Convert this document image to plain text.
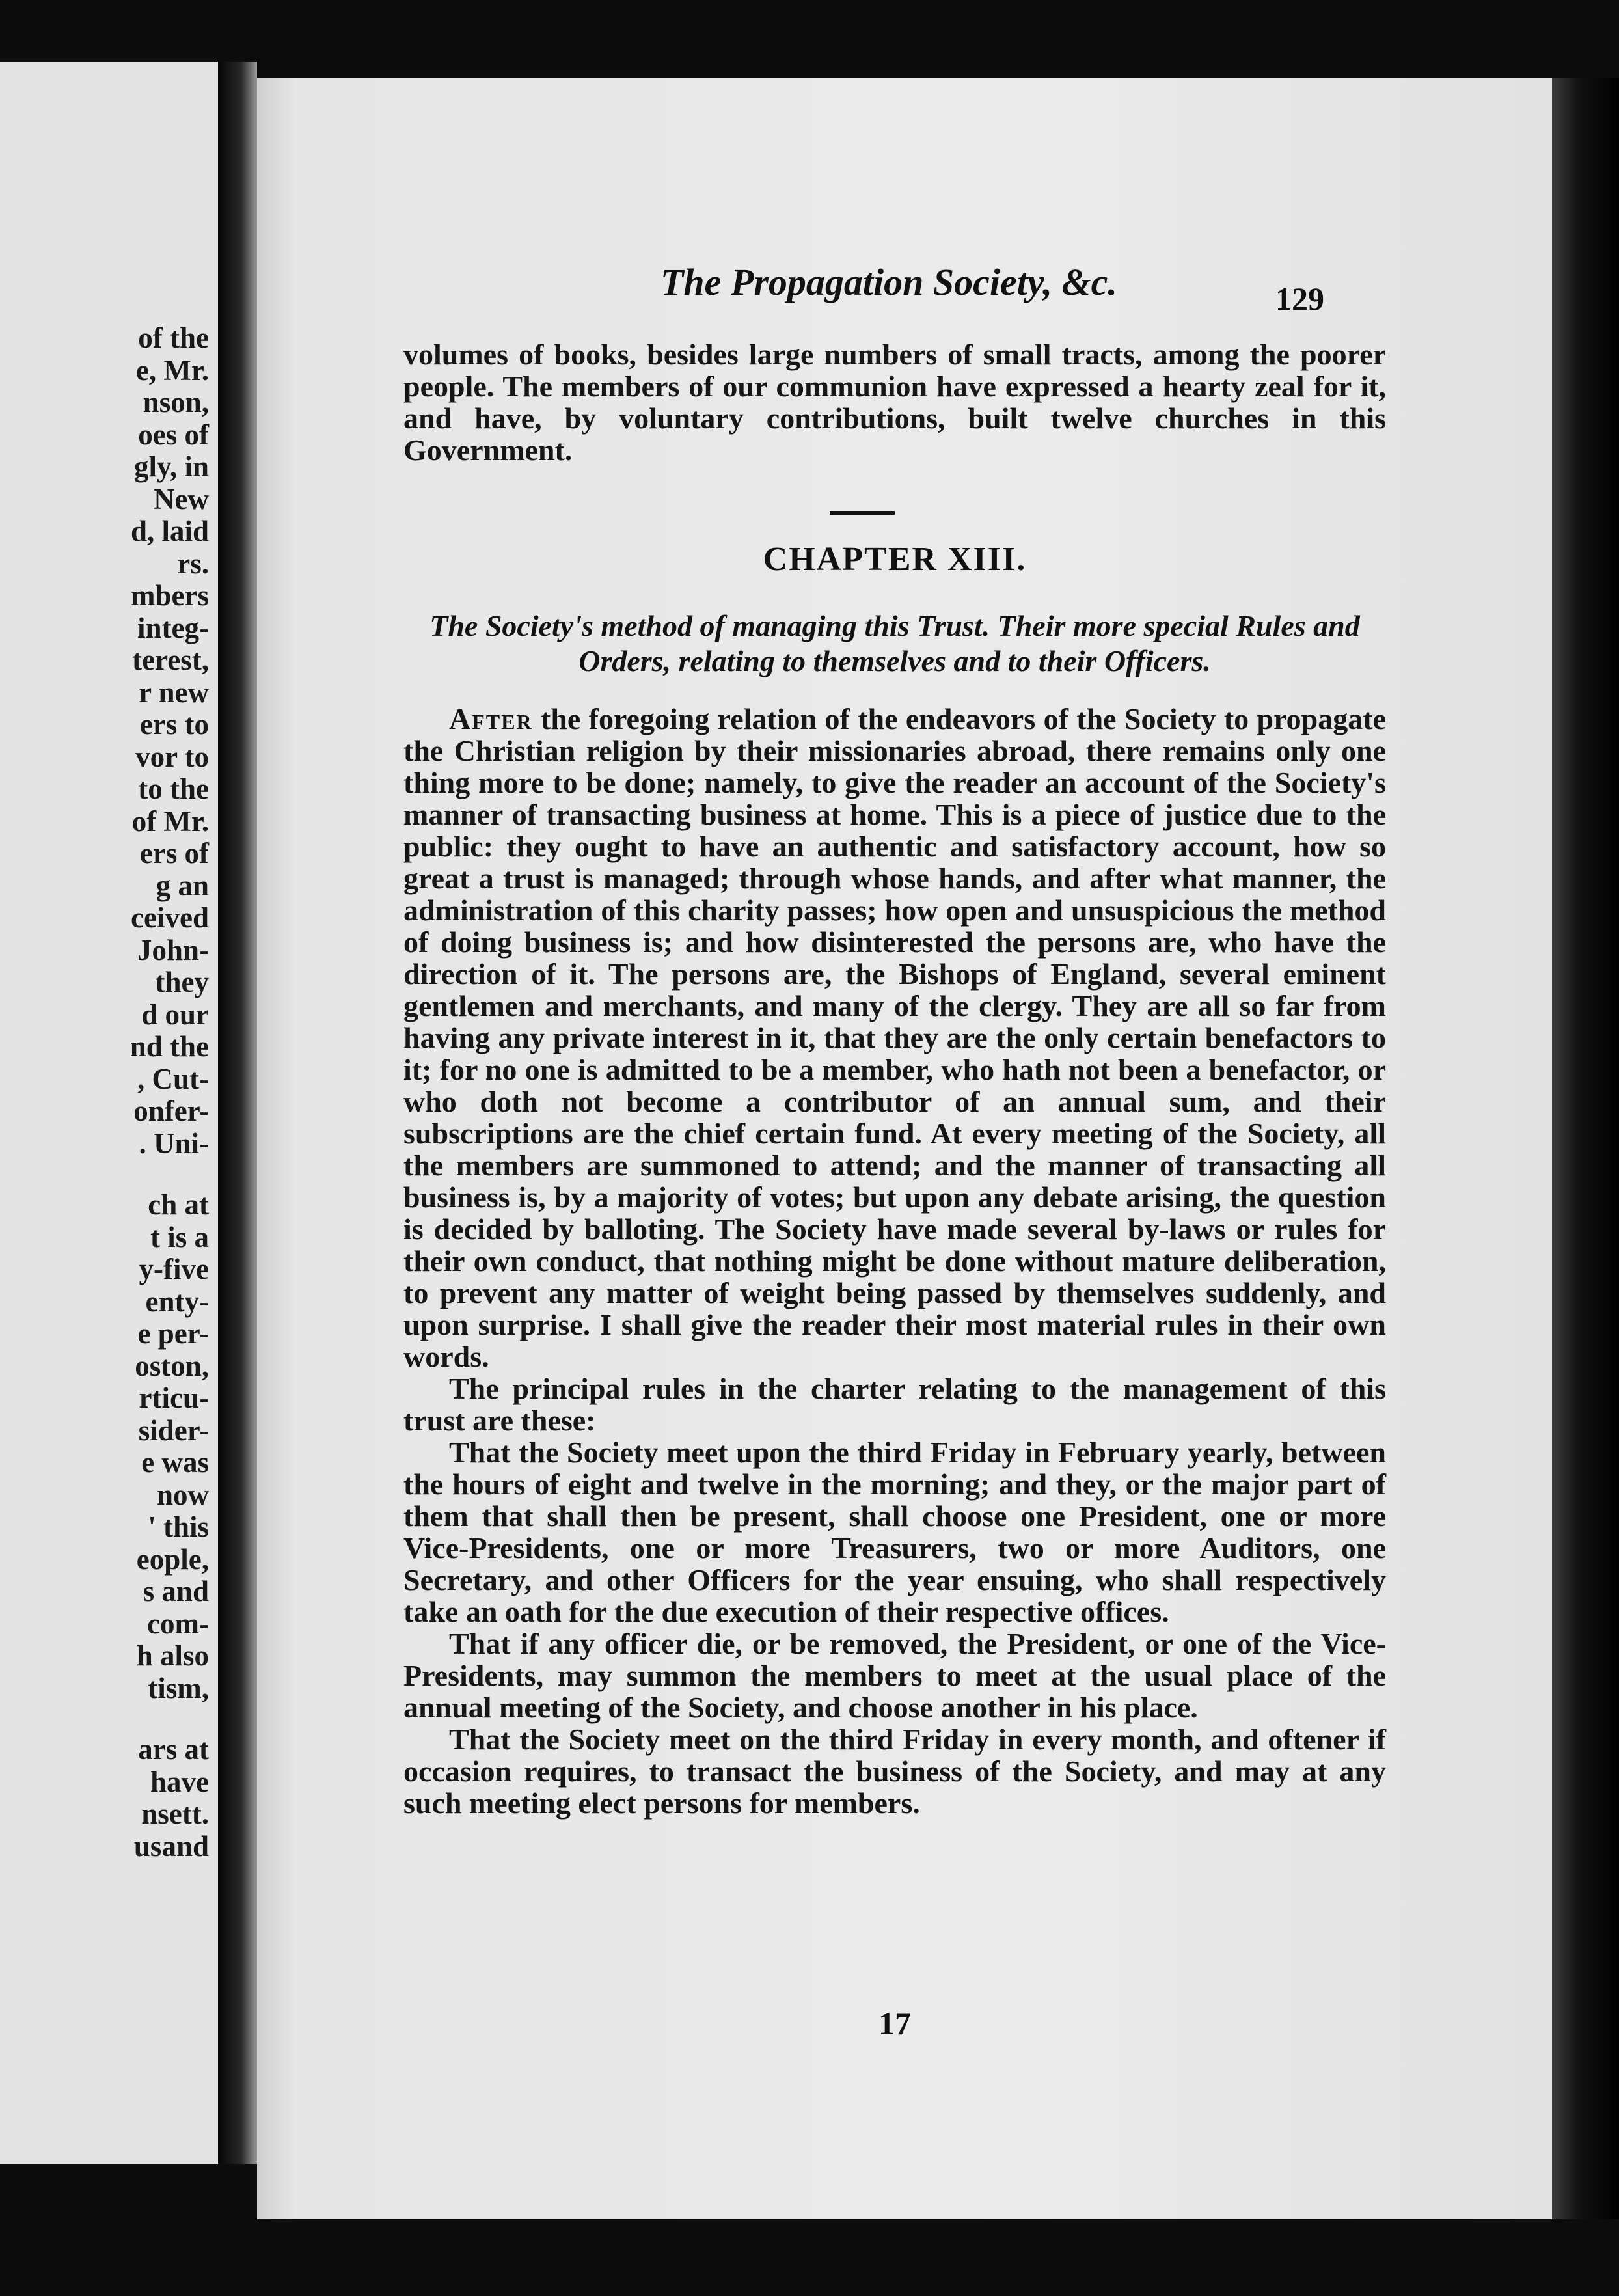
of the
e, Mr.
nson,
oes of
gly, in
New
d, laid
rs.
mbers
integ-
terest,
r new
ers to
vor to
to the
of Mr.
ers of
g an
ceived
John-
they
d our
nd the
, Cut-
onfer-
. Uni-
ch at
t is a
y-five
enty-
e per-
oston,
rticu-
sider-
e was
now
' this
eople,
s and
com-
h also
tism,
ars at
have
nsett.
usand
The Propagation Society, &c.	129

volumes of books, besides large numbers of small tracts, among the poorer people. The members of our communion have expressed a hearty zeal for it, and have, by voluntary contributions, built twelve churches in this Government.

CHAPTER XIII.
The Society's method of managing this Trust. Their more special Rules and Orders, relating to themselves and to their Officers.

After the foregoing relation of the endeavors of the Society to propagate the Christian religion by their missionaries abroad, there remains only one thing more to be done; namely, to give the reader an account of the Society's manner of transacting business at home. This is a piece of justice due to the public: they ought to have an authentic and satisfactory account, how so great a trust is managed; through whose hands, and after what manner, the administration of this charity passes; how open and unsuspicious the method of doing business is; and how disinterested the persons are, who have the direction of it. The persons are, the Bishops of England, several eminent gentlemen and merchants, and many of the clergy. They are all so far from having any private interest in it, that they are the only certain benefactors to it; for no one is admitted to be a member, who hath not been a benefactor, or who doth not become a contributor of an annual sum, and their subscriptions are the chief certain fund. At every meeting of the Society, all the members are summoned to attend; and the manner of transacting all business is, by a majority of votes; but upon any debate arising, the question is decided by balloting. The Society have made several by-laws or rules for their own conduct, that nothing might be done without mature deliberation, to prevent any matter of weight being passed by themselves suddenly, and upon surprise. I shall give the reader their most material rules in their own words.

The principal rules in the charter relating to the management of this trust are these:

That the Society meet upon the third Friday in February yearly, between the hours of eight and twelve in the morning; and they, or the major part of them that shall then be present, shall choose one President, one or more Vice-Presidents, one or more Treasurers, two or more Auditors, one Secretary, and other Officers for the year ensuing, who shall respectively take an oath for the due execution of their respective offices.

That if any officer die, or be removed, the President, or one of the Vice-Presidents, may summon the members to meet at the usual place of the annual meeting of the Society, and choose another in his place.

That the Society meet on the third Friday in every month, and oftener if occasion requires, to transact the business of the Society, and may at any such meeting elect persons for members.

17
